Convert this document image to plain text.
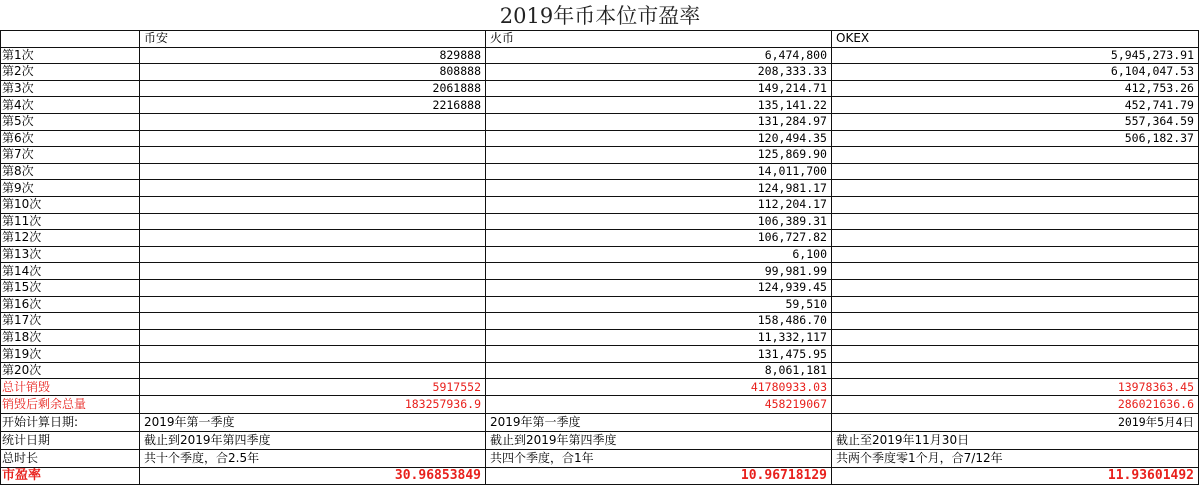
2019年币本位市盈率
	币安	火币	OKEX
第1次	829888	6,474,800	5,945,273.91
第2次	808888	208,333.33	6,104,047.53
第3次	2061888	149,214.71	412,753.26
第4次	2216888	135,141.22	452,741.79
第5次		131,284.97	557,364.59
第6次		120,494.35	506,182.37
第7次		125,869.90	
第8次		14,011,700	
第9次		124,981.17	
第10次		112,204.17	
第11次		106,389.31	
第12次		106,727.82	
第13次		6,100	
第14次		99,981.99	
第15次		124,939.45	
第16次		59,510	
第17次		158,486.70	
第18次		11,332,117	
第19次		131,475.95	
第20次		8,061,181	
总计销毁	5917552	41780933.03	13978363.45
销毁后剩余总量	183257936.9	458219067	286021636.6
开始计算日期:	2019年第一季度	2019年第一季度	2019年5月4日
统计日期	截止到2019年第四季度	截止到2019年第四季度	截止至2019年11月30日
总时长	共十个季度，合2.5年	共四个季度，合1年	共两个季度零1个月，合7/12年
市盈率	30.96853849	10.96718129	11.93601492
